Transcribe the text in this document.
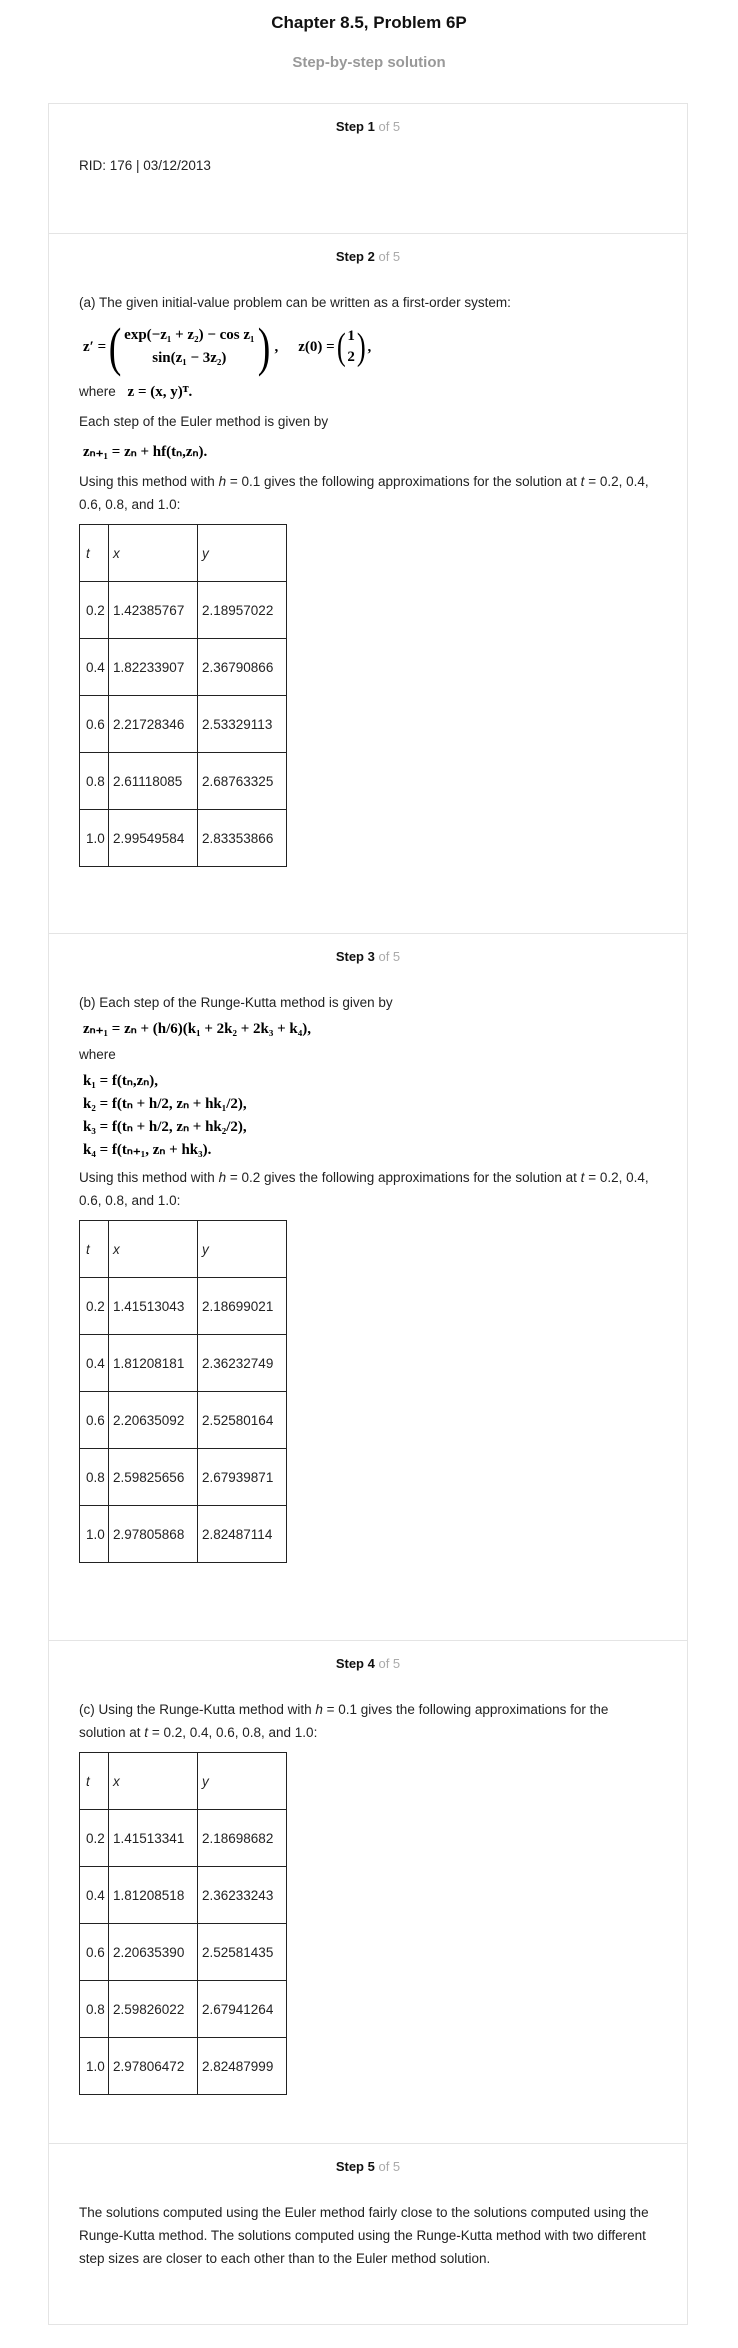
Chapter 8.5, Problem 6P
Step-by-step solution
Step 1 of 5

RID: 176 | 03/12/2013

Step 2 of 5

(a) The given initial-value problem can be written as a first-order system:

z′ = ( exp(−z₁ + z₂) − cos z₁
sin(z₁ − 3z₂) ) , z(0) = ( 1
2 ) ,

where z = (x, y)ᵀ.

Each step of the Euler method is given by

zₙ₊₁ = zₙ + hf(tₙ,zₙ).

Using this method with h = 0.1 gives the following approximations for the solution at t = 0.2, 0.4, 0.6, 0.8, and 1.0:

t	x	y
0.2	1.42385767	2.18957022
0.4	1.82233907	2.36790866
0.6	2.21728346	2.53329113
0.8	2.61118085	2.68763325
1.0	2.99549584	2.83353866
Step 3 of 5

(b) Each step of the Runge-Kutta method is given by

zₙ₊₁ = zₙ + (h/6)(k₁ + 2k₂ + 2k₃ + k₄),

where

k₁ = f(tₙ,zₙ),

k₂ = f(tₙ + h/2, zₙ + hk₁/2),

k₃ = f(tₙ + h/2, zₙ + hk₂/2),

k₄ = f(tₙ₊₁, zₙ + hk₃).

Using this method with h = 0.2 gives the following approximations for the solution at t = 0.2, 0.4, 0.6, 0.8, and 1.0:

t	x	y
0.2	1.41513043	2.18699021
0.4	1.81208181	2.36232749
0.6	2.20635092	2.52580164
0.8	2.59825656	2.67939871
1.0	2.97805868	2.82487114
Step 4 of 5

(c) Using the Runge-Kutta method with h = 0.1 gives the following approximations for the solution at t = 0.2, 0.4, 0.6, 0.8, and 1.0:

t	x	y
0.2	1.41513341	2.18698682
0.4	1.81208518	2.36233243
0.6	2.20635390	2.52581435
0.8	2.59826022	2.67941264
1.0	2.97806472	2.82487999
Step 5 of 5

The solutions computed using the Euler method fairly close to the solutions computed using the Runge-Kutta method. The solutions computed using the Runge-Kutta method with two different step sizes are closer to each other than to the Euler method solution.
